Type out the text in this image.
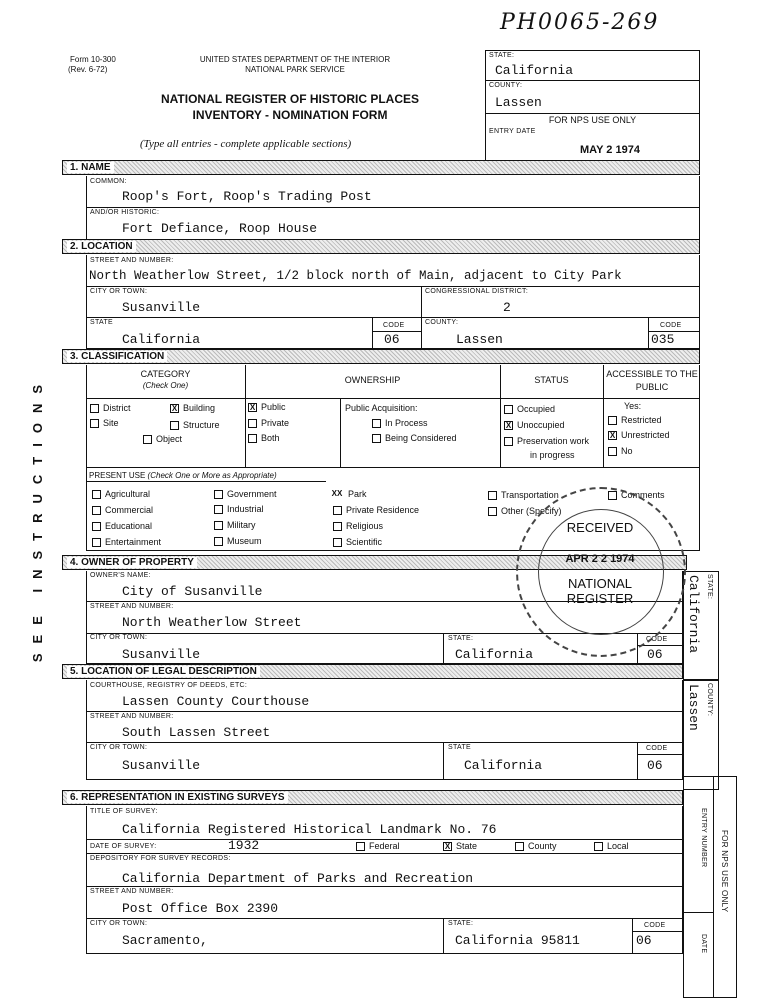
PH0065-269
Form 10-300
(Rev. 6-72)
UNITED STATES DEPARTMENT OF THE INTERIOR
NATIONAL PARK SERVICE
NATIONAL REGISTER OF HISTORIC PLACES
INVENTORY - NOMINATION FORM
(Type all entries - complete applicable sections)
STATE:
California
COUNTY:
Lassen
FOR NPS USE ONLY
ENTRY DATE
MAY 2 1974
SEE INSTRUCTIONS
1. NAME
COMMON:
Roop's Fort, Roop's Trading Post
AND/OR HISTORIC:
Fort Defiance, Roop House
2. LOCATION
STREET AND NUMBER:
North Weatherlow Street, 1/2 block north of Main, adjacent to City Park
CITY OR TOWN:
Susanville
CONGRESSIONAL DISTRICT:
2
STATE
California
CODE
06
COUNTY:
Lassen
CODE
035
3. CLASSIFICATION
CATEGORY
(Check One)
OWNERSHIP	STATUS
ACCESSIBLE TO THE PUBLIC
District	X Building
Site	Structure
Object
X Public
Private
Both
Public Acquisition:
In Process
Being Considered
Occupied
X Unoccupied
Preservation work
in progress
Yes:
Restricted
X Unrestricted
No
PRESENT USE (Check One or More as Appropriate)
Agricultural
Commercial
Educational
Entertainment
Government
Industrial
Military
Museum
XX Park
Private Residence
Religious
Scientific
Transportation
Other (Specify)
Comments
4. OWNER OF PROPERTY
OWNER'S NAME:
City of Susanville
STREET AND NUMBER:
North Weatherlow Street
CITY OR TOWN:
Susanville
STATE:
California
CODE
06
STATE:
California
COUNTY:
Lassen
RECEIVED
APR 2 2 1974
NATIONAL
REGISTER
5. LOCATION OF LEGAL DESCRIPTION
COURTHOUSE, REGISTRY OF DEEDS, ETC:
Lassen County Courthouse
STREET AND NUMBER:
South Lassen Street
CITY OR TOWN:
Susanville
STATE
California
CODE
06
6. REPRESENTATION IN EXISTING SURVEYS
TITLE OF SURVEY:
California Registered Historical Landmark No. 76
DATE OF SURVEY:	1932	Federal	X State	County	Local
DEPOSITORY FOR SURVEY RECORDS:
California Department of Parks and Recreation
STREET AND NUMBER:
Post Office Box 2390
CITY OR TOWN:
Sacramento,
STATE:
California 95811
CODE
06
FOR NPS USE ONLY
ENTRY NUMBER
DATE
